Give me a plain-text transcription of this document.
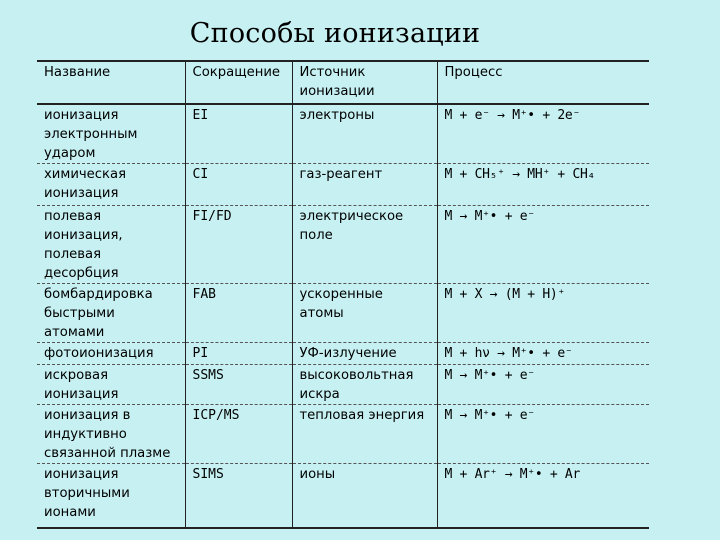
Способы ионизации
Название	Сокращение	Источник ионизации	Процесс
ионизация электронным ударом	EI	электроны	M + e⁻ → M⁺• + 2e⁻
химическая ионизация	CI	газ-реагент	M + CH₅⁺ → MH⁺ + CH₄
полевая ионизация, полевая десорбция	FI/FD	электрическое поле	M → M⁺• + e⁻
бомбардировка быстрыми атомами	FAB	ускоренные атомы	M + X → (M + H)⁺
фотоионизация	PI	УФ-излучение	M + hν → M⁺• + e⁻
искровая ионизация	SSMS	высоковольтная искра	M → M⁺• + e⁻
ионизация в индуктивно связанной плазме	ICP/MS	тепловая энергия	M → M⁺• + e⁻
ионизация вторичными ионами	SIMS	ионы	M + Ar⁺ → M⁺• + Ar
